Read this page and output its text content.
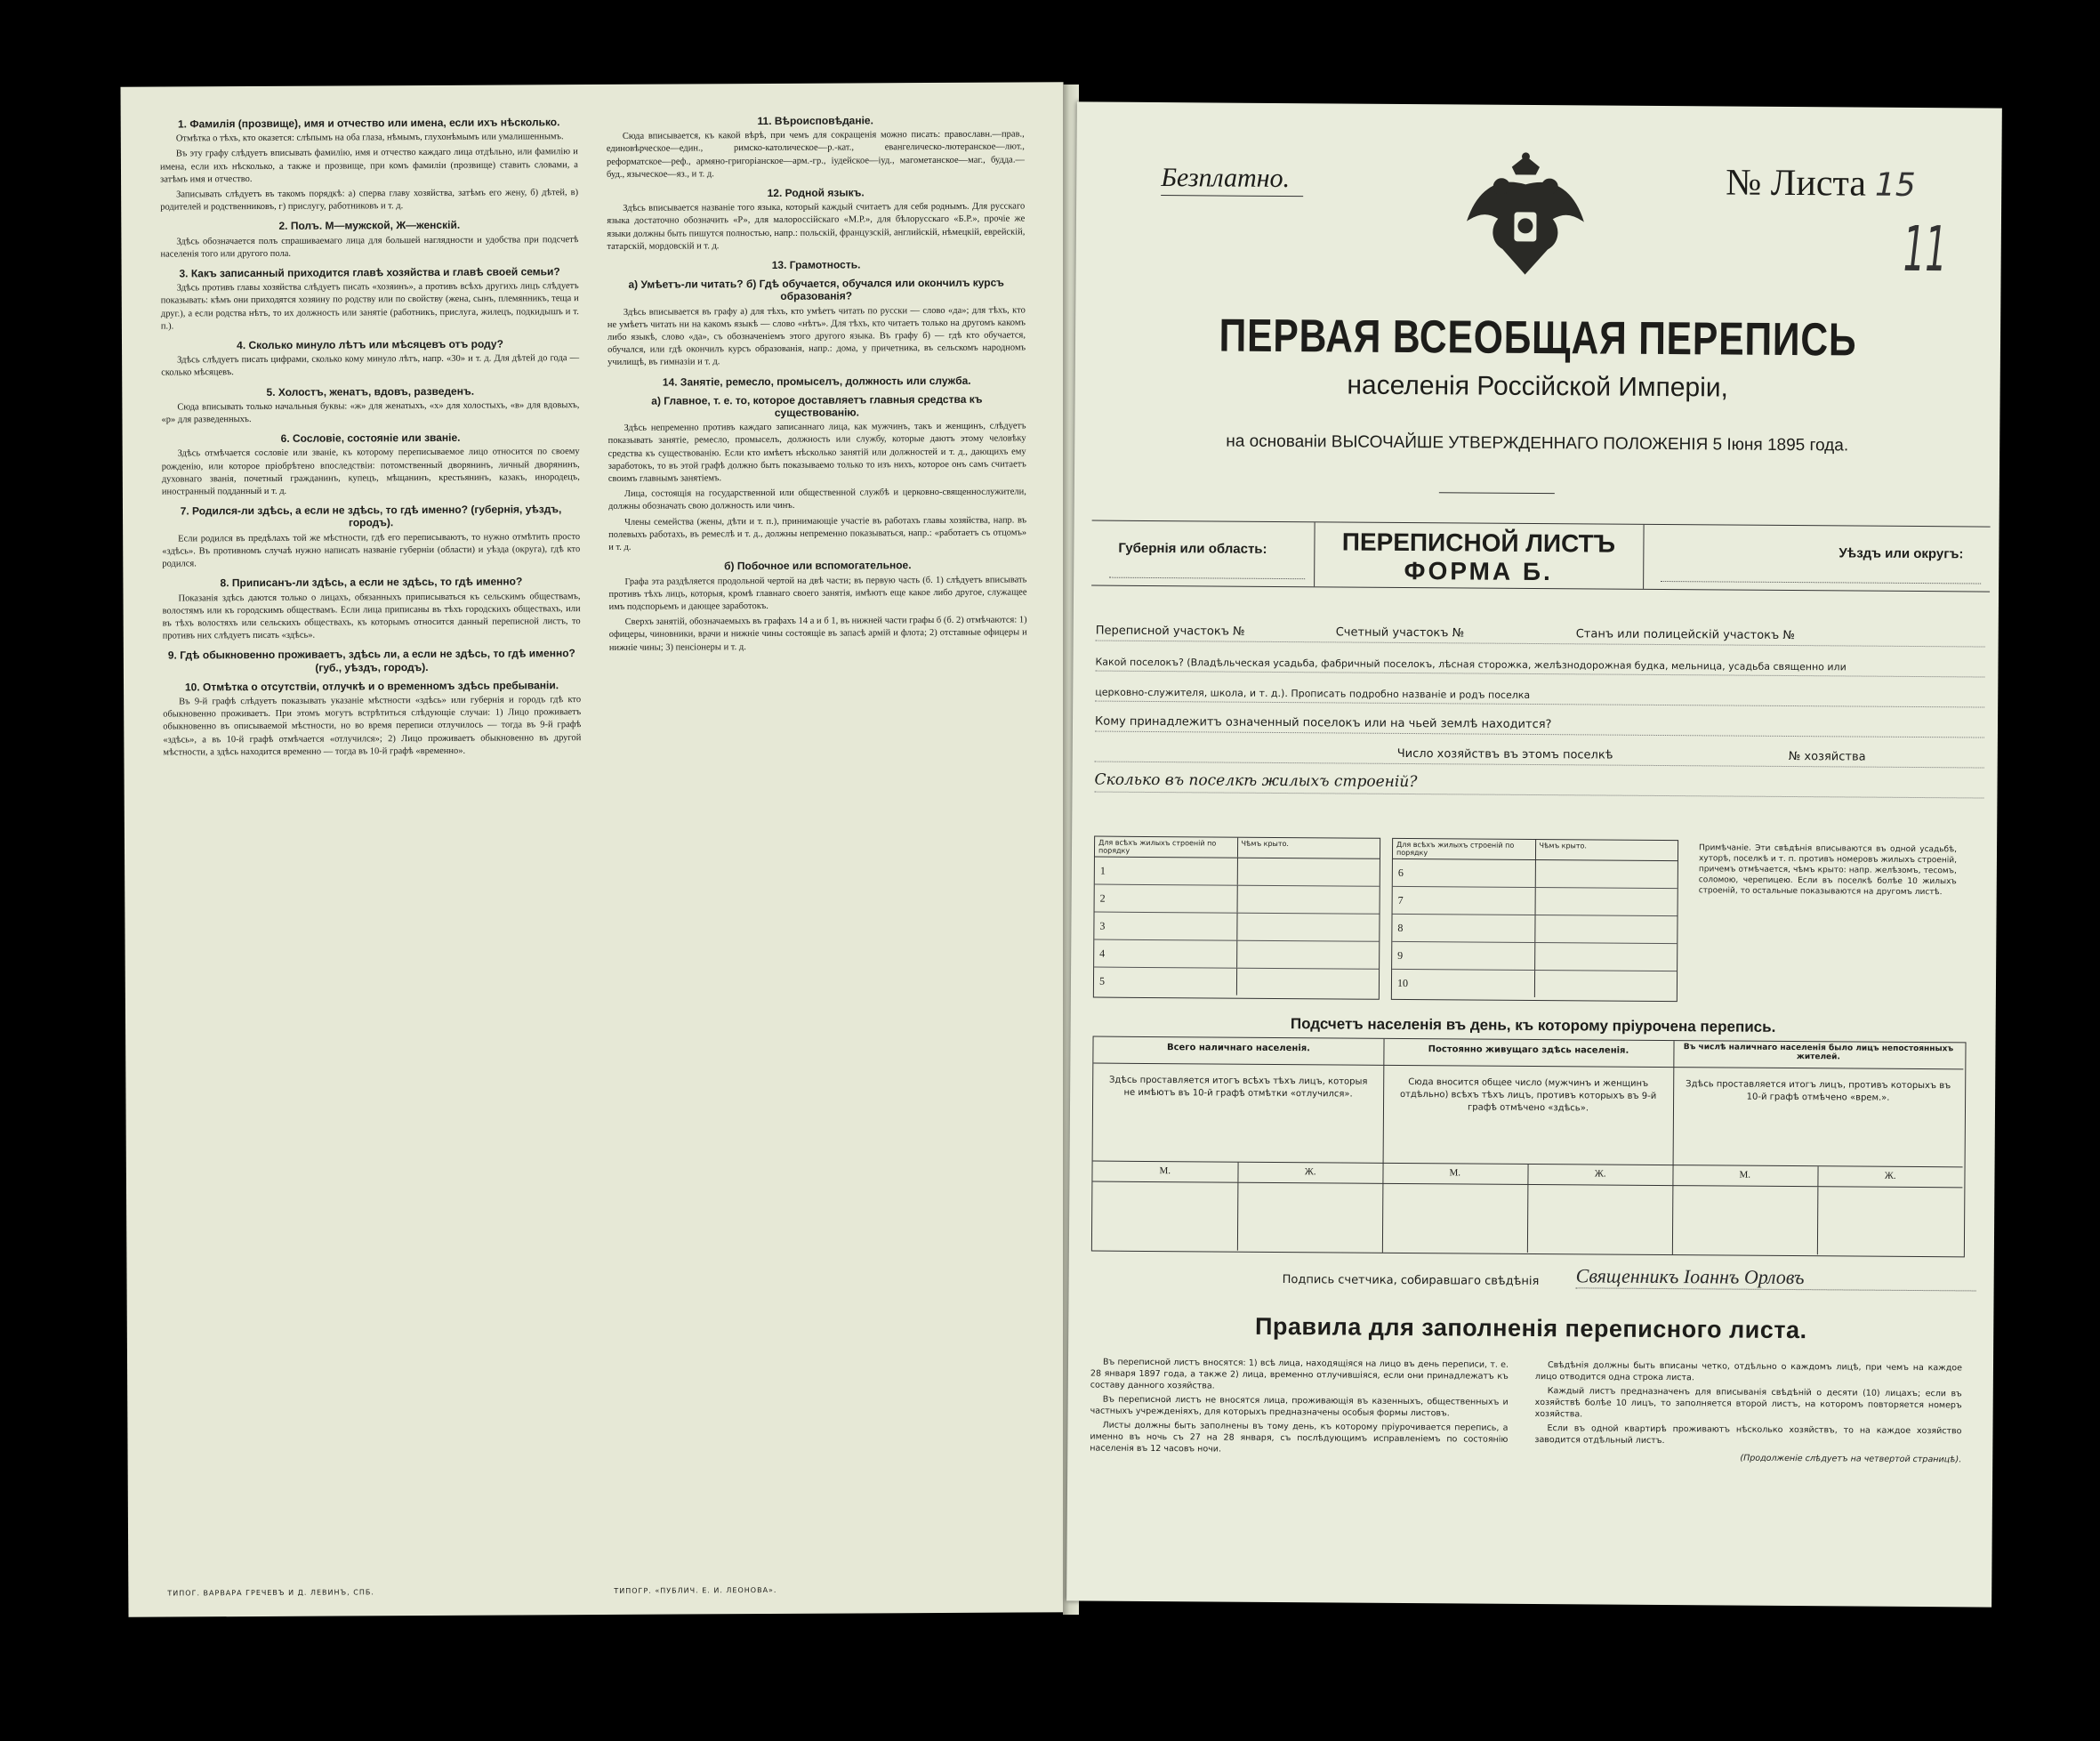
1. Фамилія (прозвище), имя и отчество или имена, если ихъ нѣсколько.

Отмѣтка о тѣхъ, кто оказется: слѣпымъ на оба глаза, нѣмымъ, глухонѣмымъ или умалишеннымъ.

Въ эту графу слѣдуетъ вписывать фамилію, имя и отчество каждаго лица отдѣльно, или фамилію и имена, если ихъ нѣсколько, а также и прозвище, при комъ фамиліи (прозвище) ставить словами, а затѣмъ имя и отчество.

Записывать слѣдуетъ въ такомъ порядкѣ: а) сперва главу хозяйства, затѣмъ его жену, б) дѣтей, в) родителей и родственниковъ, г) прислугу, работниковъ и т. д.

2. Полъ. М—мужской, Ж—женскій.

Здѣсь обозначается полъ спрашиваемаго лица для большей наглядности и удобства при подсчетѣ населенія того или другого пола.

3. Какъ записанный приходится главѣ хозяйства и главѣ своей семьи?

Здѣсь противъ главы хозяйства слѣдуетъ писать «хозяинъ», а противъ всѣхъ другихъ лицъ слѣдуетъ показывать: кѣмъ они приходятся хозяину по родству или по свойству (жена, сынъ, племянникъ, теща и друг.), а если родства нѣтъ, то их должность или занятіе (работникъ, прислуга, жилецъ, подкидышъ и т. п.).

4. Сколько минуло лѣтъ или мѣсяцевъ отъ роду?

Здѣсь слѣдуетъ писать цифрами, сколько кому минуло лѣтъ, напр. «30» и т. д. Для дѣтей до года — сколько мѣсяцевъ.

5. Холостъ, женатъ, вдовъ, разведенъ.

Сюда вписывать только начальныя буквы: «ж» для женатыхъ, «х» для холостыхъ, «в» для вдовыхъ, «р» для разведенныхъ.

6. Сословіе, состояніе или званіе.

Здѣсь отмѣчается сословіе или званіе, къ которому переписываемое лицо относится по своему рожденію, или которое пріобрѣтено впоследствіи: потомственный дворянинъ, личный дворянинъ, духовнаго званія, почетный гражданинъ, купецъ, мѣщанинъ, крестьянинъ, казакъ, инородецъ, иностранный подданный и т. д.

7. Родился-ли здѣсь, а если не здѣсь, то гдѣ именно? (губернія, уѣздъ, городъ).

Если родился въ предѣлахъ той же мѣстности, гдѣ его переписываютъ, то нужно отмѣтить просто «здѣсь». Въ противномъ случаѣ нужно написать названіе губерніи (области) и уѣзда (округа), гдѣ кто родился.

8. Приписанъ-ли здѣсь, а если не здѣсь, то гдѣ именно?

Показанія здѣсь даются только о лицахъ, обязанныхъ приписываться къ сельскимъ обществамъ, волостямъ или къ городскимъ обществамъ. Если лица приписаны въ тѣхъ городскихъ обществахъ, или въ тѣхъ волостяхъ или сельскихъ обществахъ, къ которымъ относится данный переписной листъ, то противъ них слѣдуетъ писать «здѣсь».

9. Гдѣ обыкновенно проживаетъ, здѣсь ли, а если не здѣсь, то гдѣ именно? (губ., уѣздъ, городъ).
10. Отмѣтка о отсутствіи, отлучкѣ и о временномъ здѣсь пребываніи.

Въ 9-й графѣ слѣдуетъ показывать указаніе мѣстности «здѣсь» или губернія и городъ гдѣ кто обыкновенно проживаетъ. При этомъ могутъ встрѣтиться слѣдующіе случаи: 1) Лицо проживаетъ обыкновенно въ описываемой мѣстности, но во время переписи отлучилось — тогда въ 9-й графѣ «здѣсь», а въ 10-й графѣ отмѣчается «отлучился»; 2) Лицо проживаетъ обыкновенно въ другой мѣстности, а здѣсь находится временно — тогда въ 10-й графѣ «временно».

11. Вѣроисповѣданіе.

Сюда вписывается, къ какой вѣрѣ, при чемъ для сокращенія можно писать: православн.—прав., единовѣрческое—един., римско-католическое—р.-кат., евангелическо-лютеранское—лют., реформатское—реф., армяно-григоріанское—арм.-гр., іудейское—іуд., магометанское—маг., будда.—буд., языческое—яз., и т. д.

12. Родной языкъ.

Здѣсь вписывается названіе того языка, который каждый считаетъ для себя роднымъ. Для русскаго языка достаточно обозначить «Р», для малороссійскаго «М.Р.», для бѣлорусскаго «Б.Р.», прочіе же языки должны быть пишутся полностью, напр.: польскій, французскій, английскій, нѣмецкій, еврейскій, татарскій, мордовскій и т. д.

13. Грамотность.
а) Умѣетъ-ли читать? б) Гдѣ обучается, обучался или окончилъ курсъ образованія?

Здѣсь вписывается въ графу а) для тѣхъ, кто умѣетъ читать по русски — слово «да»; для тѣхъ, кто не умѣетъ читать ни на какомъ языкѣ — слово «нѣтъ». Для тѣхъ, кто читаетъ только на другомъ какомъ либо языкѣ, слово «да», съ обозначеніемъ этого другого языка. Въ графу б) — гдѣ кто обучается, обучался, или гдѣ окончилъ курсъ образованія, напр.: дома, у причетника, въ сельскомъ народномъ училищѣ, въ гимназіи и т. д.

14. Занятіе, ремесло, промыселъ, должность или служба.
а) Главное, т. е. то, которое доставляетъ главныя средства къ существованію.

Здѣсь непременно противъ каждаго записаннаго лица, как мужчинъ, такъ и женщинъ, слѣдуетъ показывать занятіе, ремесло, промыселъ, должность или службу, которые даютъ этому человѣку средства къ существованію. Если кто имѣетъ нѣсколько занятій или должностей и т. д., дающихъ ему заработокъ, то въ этой графѣ должно быть показываемо только то изъ нихъ, которое онъ самъ считаетъ своимъ главнымъ занятіемъ.

Лица, состоящія на государственной или общественной службѣ и церковно-священнослужители, должны обозначать свою должность или чинъ.

Члены семейства (жены, дѣти и т. п.), принимающіе участіе въ работахъ главы хозяйства, напр. въ полевыхъ работахъ, въ ремеслѣ и т. д., должны непременно показываться, напр.: «работаетъ съ отцомъ» и т. д.

б) Побочное или вспомогательное.

Графа эта раздѣляется продольной чертой на двѣ части; въ первую часть (б. 1) слѣдуетъ вписывать противъ тѣхъ лицъ, которыя, кромѣ главнаго своего занятія, имѣютъ еще какое либо другое, служащее имъ подспорьемъ и дающее заработокъ.

Сверхъ занятій, обозначаемыхъ въ графахъ 14 а и б 1, въ нижней части графы б (б. 2) отмѣчаются: 1) офицеры, чиновники, врачи и нижніе чины состоящіе въ запасѣ армій и флота; 2) отставные офицеры и нижніе чины; 3) пенсіонеры и т. д.

ТИПОГ. ВАРВАРА ГРЕЧЕВЪ И Д. ЛЕВИНЪ, СПБ.	ТИПОГР. «ПУБЛИЧ. Е. И. ЛЕОНОВА».
Безплатно.	№ Листа 15
11
ПЕРВАЯ ВСЕОБЩАЯ ПЕРЕПИСЬ
населенія Россійской Имперіи,
на основаніи ВЫСОЧАЙШЕ УТВЕРЖДЕННАГО ПОЛОЖЕНІЯ 5 Іюня 1895 года.
Губернія или область:	ПЕРЕПИСНОЙ ЛИСТЪ
ФОРМА Б.
Уѣздъ или округъ:
Переписной участокъ №	Счетный участокъ №	Станъ или полицейскій участокъ №
Какой поселокъ? (Владѣльческая усадьба, фабричный поселокъ, лѣсная сторожка, желѣзнодорожная будка, мельница, усадьба священно или
церковно-служителя, школа, и т. д.). Прописать подробно названіе и родъ поселка
Кому принадлежитъ означенный поселокъ или на чьей землѣ находится?
Число хозяйствъ въ этомъ поселкѣ	№ хозяйства
Сколько въ поселкѣ жилыхъ строеній?
Для всѣхъ жилыхъ строеній по порядку
Чѣмъ крыто.
1
2
3
4
5
Для всѣхъ жилыхъ строеній по порядку
Чѣмъ крыто.
6
7
8
9
10
Примѣчаніе. Эти свѣдѣнія вписываются въ одной усадьбѣ, хуторѣ, поселкѣ и т. п. противъ номеровъ жилыхъ строеній, причемъ отмѣчается, чѣмъ крыто: напр. желѣзомъ, тесомъ, соломою, черепицею. Если въ поселкѣ болѣе 10 жилыхъ строеній, то остальные показываются на другомъ листѣ.
Подсчетъ населенія въ день, къ которому пріурочена перепись.
Всего наличнаго населенія.
Здѣсь проставляется итогъ всѣхъ тѣхъ лицъ, которыя не имѣютъ въ 10-й графѣ отмѣтки «отлучился».
М.	Ж.
Постоянно живущаго здѣсь населенія.
Сюда вносится общее число (мужчинъ и женщинъ отдѣльно) всѣхъ тѣхъ лицъ, противъ которыхъ въ 9-й графѣ отмѣчено «здѣсь».
М.	Ж.
Въ числѣ наличнаго населенія было лицъ непостоянныхъ жителей.
Здѣсь проставляется итогъ лицъ, противъ которыхъ въ 10-й графѣ отмѣчено «врем.».
М.	Ж.
Подпись счетчика, собиравшаго свѣдѣнія Священникъ Іоаннъ Орловъ
Правила для заполненія переписного листа.

Въ переписной листъ вносятся: 1) всѣ лица, находящіяся на лицо въ день переписи, т. е. 28 января 1897 года, а также 2) лица, временно отлучившіяся, если они принадлежатъ къ составу данного хозяйства.

Въ переписной листъ не вносятся лица, проживающія въ казенныхъ, общественныхъ и частныхъ учрежденіяхъ, для которыхъ предназначены особыя формы листовъ.

Листы должны быть заполнены въ тому день, къ которому пріурочивается перепись, а именно въ ночь съ 27 на 28 января, съ послѣдующимъ исправленіемъ по состоянію населенія въ 12 часовъ ночи.

Свѣдѣнія должны быть вписаны четко, отдѣльно о каждомъ лицѣ, при чемъ на каждое лицо отводится одна строка листа.

Каждый листъ предназначенъ для вписыванія свѣдѣній о десяти (10) лицахъ; если въ хозяйствѣ болѣе 10 лицъ, то заполняется второй листъ, на которомъ повторяется номеръ хозяйства.

Если въ одной квартирѣ проживаютъ нѣсколько хозяйствъ, то на каждое хозяйство заводится отдѣльный листъ.

(Продолженіе слѣдуетъ на четвертой страницѣ).
